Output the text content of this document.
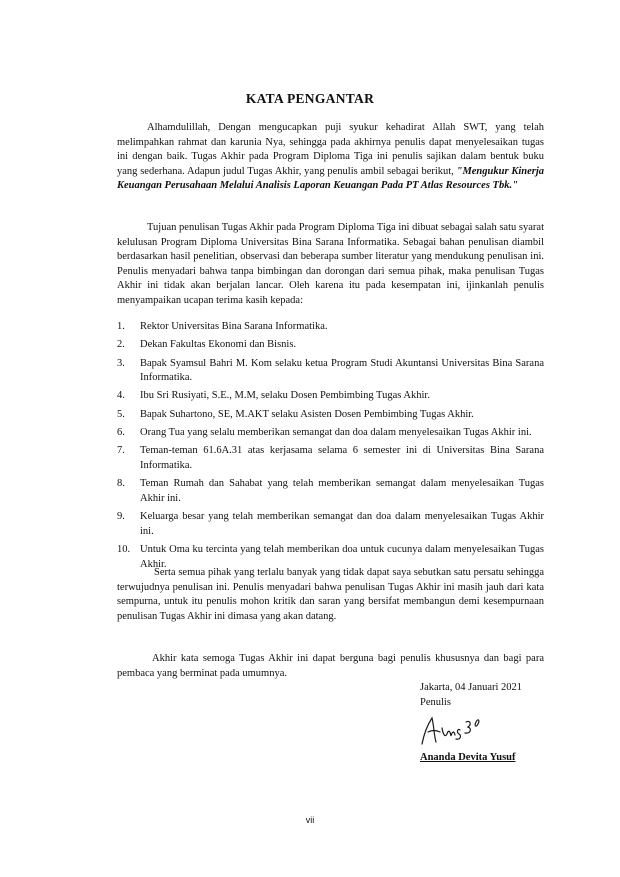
KATA PENGANTAR

Alhamdulillah, Dengan mengucapkan puji syukur kehadirat Allah SWT, yang telah melimpahkan rahmat dan karunia Nya, sehingga pada akhirnya penulis dapat menyelesaikan tugas ini dengan baik. Tugas Akhir pada Program Diploma Tiga ini penulis sajikan dalam bentuk buku yang sederhana. Adapun judul Tugas Akhir, yang penulis ambil sebagai berikut, "Mengukur Kinerja Keuangan Perusahaan Melalui Analisis Laporan Keuangan Pada PT Atlas Resources Tbk."

Tujuan penulisan Tugas Akhir pada Program Diploma Tiga ini dibuat sebagai salah satu syarat kelulusan Program Diploma Universitas Bina Sarana Informatika. Sebagai bahan penulisan diambil berdasarkan hasil penelitian, observasi dan beberapa sumber literatur yang mendukung penulisan ini. Penulis menyadari bahwa tanpa bimbingan dan dorongan dari semua pihak, maka penulisan Tugas Akhir ini tidak akan berjalan lancar. Oleh karena itu pada kesempatan ini, ijinkanlah penulis menyampaikan ucapan terima kasih kepada:

1. Rektor Universitas Bina Sarana Informatika.
2. Dekan Fakultas Ekonomi dan Bisnis.
3. Bapak Syamsul Bahri M. Kom selaku ketua Program Studi Akuntansi Universitas Bina Sarana Informatika.
4. Ibu Sri Rusiyati, S.E., M.M, selaku Dosen Pembimbing Tugas Akhir.
5. Bapak Suhartono, SE, M.AKT selaku Asisten Dosen Pembimbing Tugas Akhir.
6. Orang Tua yang selalu memberikan semangat dan doa dalam menyelesaikan Tugas Akhir ini.
7. Teman-teman 61.6A.31 atas kerjasama selama 6 semester ini di Universitas Bina Sarana Informatika.
8. Teman Rumah dan Sahabat yang telah memberikan semangat dalam menyelesaikan Tugas Akhir ini.
9. Keluarga besar yang telah memberikan semangat dan doa dalam menyelesaikan Tugas Akhir ini.
10. Untuk Oma ku tercinta yang telah memberikan doa untuk cucunya dalam menyelesaikan Tugas Akhir.

Serta semua pihak yang terlalu banyak yang tidak dapat saya sebutkan satu persatu sehingga terwujudnya penulisan ini. Penulis menyadari bahwa penulisan Tugas Akhir ini masih jauh dari kata sempurna, untuk itu penulis mohon kritik dan saran yang bersifat membangun demi kesempurnaan penulisan Tugas Akhir ini dimasa yang akan datang.

Akhir kata semoga Tugas Akhir ini dapat berguna bagi penulis khususnya dan bagi para pembaca yang berminat pada umumnya.

Jakarta, 04 Januari 2021
Penulis
Ananda Devita Yusuf
vii
